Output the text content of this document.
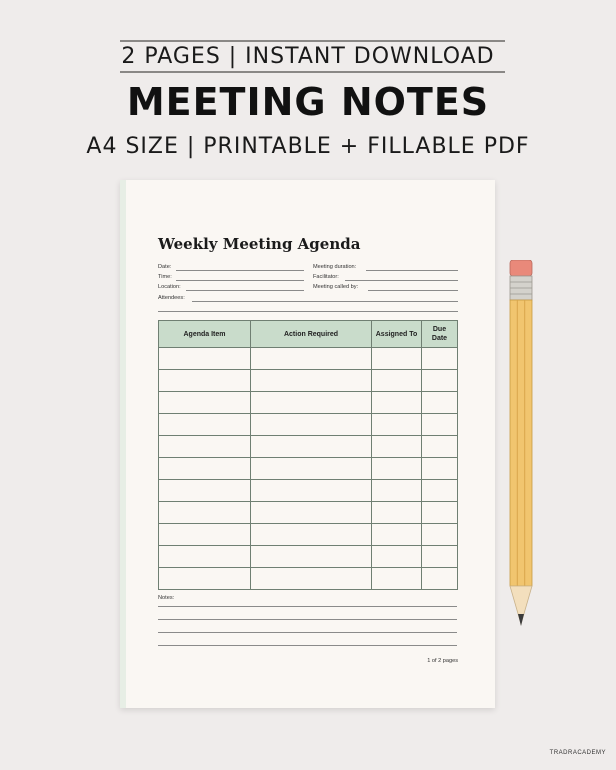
2 PAGES | INSTANT DOWNLOAD
MEETING NOTES
A4 SIZE | PRINTABLE + FILLABLE PDF
Weekly Meeting Agenda
Date:
Time:
Location:
Meeting duration:
Facilitator:
Meeting called by:
Attendees:
Agenda Item	Action Required	Assigned To	Due Date

Notes:
1 of 2 pages
TRADRACADEMY
